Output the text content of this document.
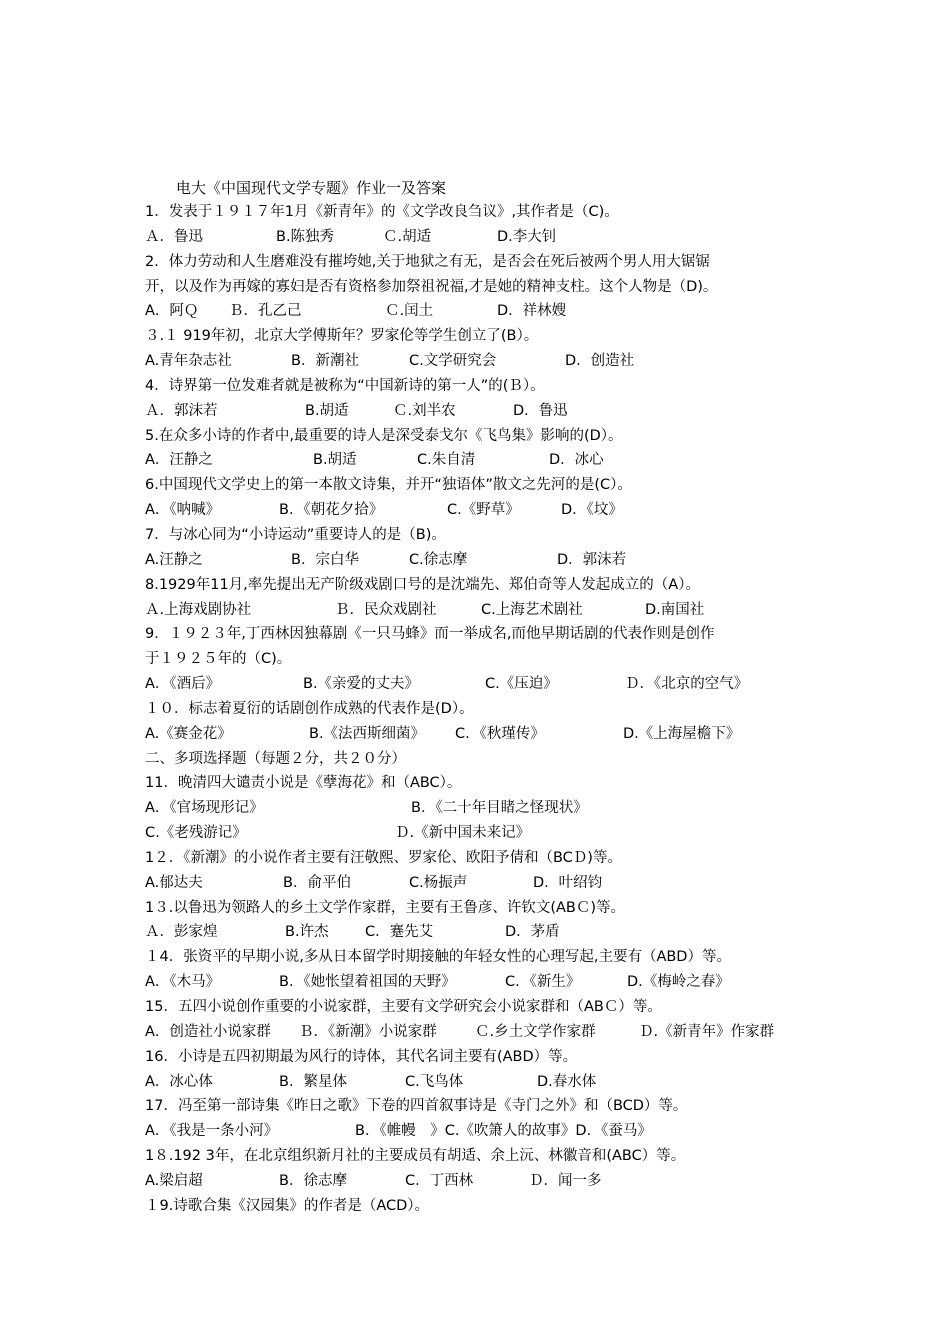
电大《中国现代文学专题》作业一及答案
1．发表于１９１７年1月《新青年》的《文学改良刍议》,其作者是（C)。
Ａ．鲁迅	B.陈独秀	Ｃ.胡适	D.李大钊
2．体力劳动和人生磨难没有摧垮她,关于地狱之有无，是否会在死后被两个男人用大锯锯
开，以及作为再嫁的寡妇是否有资格参加祭祖祝福,才是她的精神支柱。这个人物是（D)。
A．阿Ｑ Ｂ．孔乙己	Ｃ.闰土	D．祥林嫂
３.１ 919年初，北京大学傅斯年？罗家伦等学生创立了(B）。
A.青年杂志社	B．新潮社	C.文学研究会	D．创造社
4．诗界第一位发难者就是被称为“中国新诗的第一人”的(Ｂ）。
Ａ．郭沫若	B.胡适	Ｃ.刘半农	D．鲁迅
5.在众多小诗的作者中,最重要的诗人是深受泰戈尔《飞鸟集》影响的(D）。
A．汪静之	B.胡适	C.朱自清	D．冰心
6.中国现代文学史上的第一本散文诗集，并开“独语体”散文之先河的是(C）。
A．《呐喊》	B．《朝花夕拾》	C.《野草》	D．《坟》
7．与冰心同为“小诗运动”重要诗人的是（B)。
A.汪静之	B．宗白华	C.徐志摩	D．郭沫若
8.1929年11月,率先提出无产阶级戏剧口号的是沈端先、郑伯奇等人发起成立的（A）。
Ａ.上海戏剧协社	Ｂ．民众戏剧社	C.上海艺术剧社	D.南国社
9．１９２３年,丁西林因独幕剧《一只马蜂》而一举成名,而他早期话剧的代表作则是创作
于１９２５年的（C)。
A．《酒后》	B.《亲爱的丈夫》	C.《压迫》	Ｄ．《北京的空气》
１０．标志着夏衍的话剧创作成熟的代表作是(D）。
A.《赛金花》	B.《法西斯细菌》 C．《秋瑾传》	D.《上海屋檐下》
二、多项选择题（每题２分，共２０分）
11．晚清四大谴责小说是《孽海花》和（ABC）。
A．《官场现形记》	B．《二十年目睹之怪现状》
C.《老残游记》	Ｄ.《新中国未来记》
1２．《新潮》的小说作者主要有汪敬熙、罗家伦、欧阳予倩和（BCＤ)等。
A.郁达夫	B．俞平伯	C.杨振声	D．叶绍钧
1３.以鲁迅为领路人的乡土文学作家群，主要有王鲁彦、许钦文(ABＣ)等。
Ａ．彭家煌	B.许杰	C．蹇先艾	D．茅盾
１4．张资平的早期小说,多从日本留学时期接触的年轻女性的心理写起,主要有（ABD）等。
A．《木马》	B．《她怅望着祖国的天野》	C．《新生》	D.《梅岭之春》
15．五四小说创作重要的小说家群，主要有文学研究会小说家群和（ABＣ）等。
A．创造社小说家群 Ｂ．《新潮》小说家群	Ｃ.乡土文学作家群	Ｄ.《新青年》作家群
16．小诗是五四初期最为风行的诗体，其代名词主要有(ABD）等。
A．冰心体	B．繁星体	C.飞鸟体	D.春水体
17．冯至第一部诗集《昨日之歌》下卷的四首叙事诗是《寺门之外》和（BCD）等。
A．《我是一条小河》	B．《帷幔　》C.《吹箫人的故事》D．《蚕马》
1８.192 3年，在北京组织新月社的主要成员有胡适、余上沅、林徽音和(ABC）等。
A.梁启超	B．徐志摩	C．丁西林	Ｄ．闻一多
１9.诗歌合集《汉园集》的作者是（ACD）。
